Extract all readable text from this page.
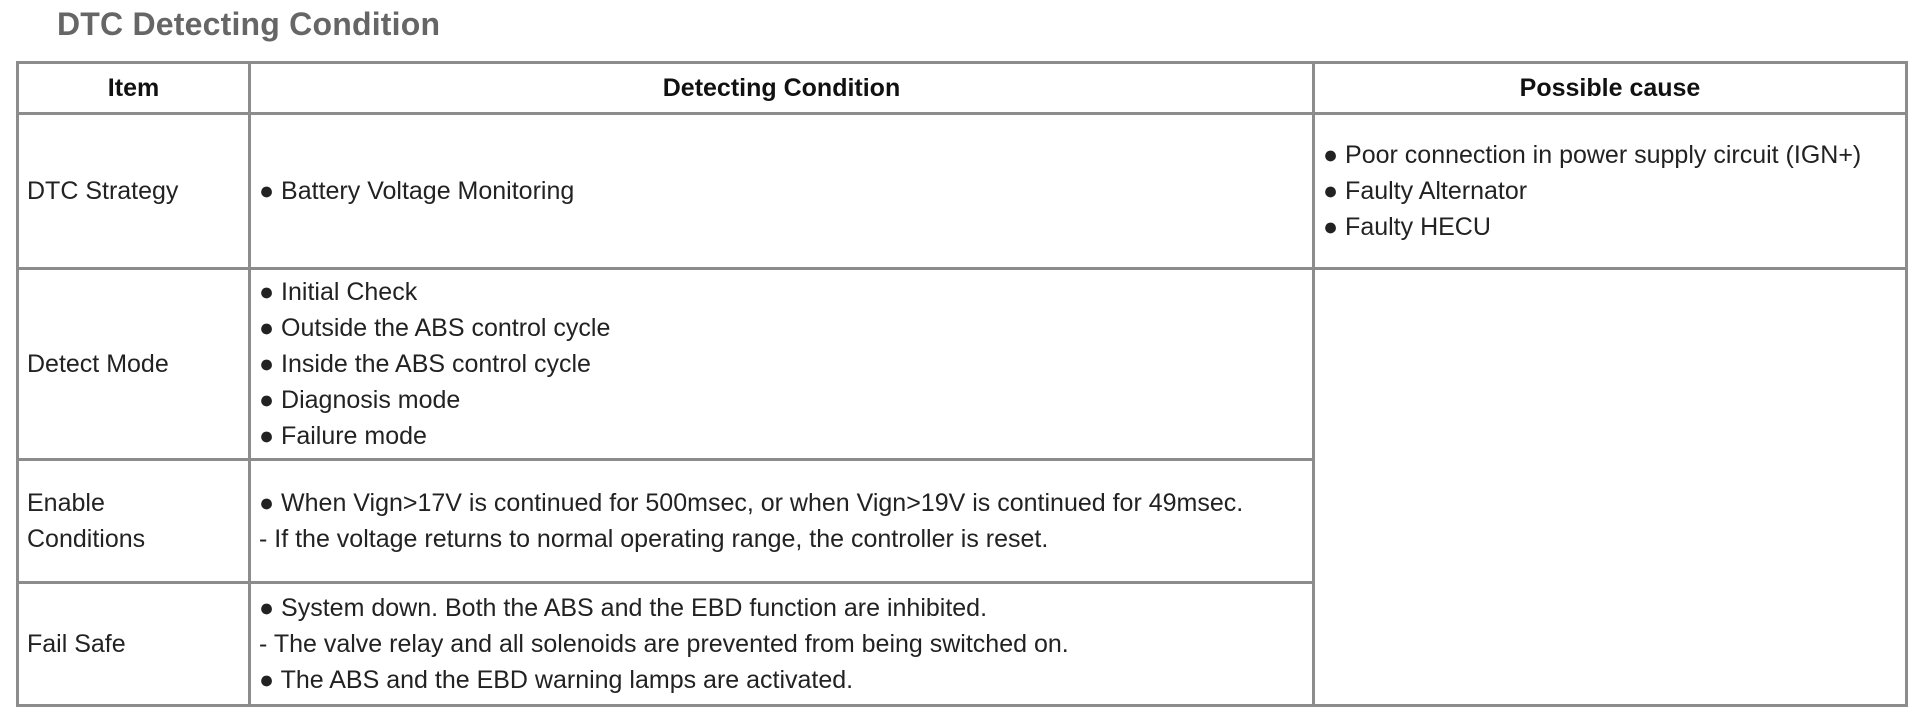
DTC Detecting Condition
Item	Detecting Condition	Possible cause
DTC Strategy	● Battery Voltage Monitoring	● Poor connection in power supply circuit (IGN+)
● Faulty Alternator
● Faulty HECU

Detect Mode	● Initial Check
● Outside the ABS control cycle
● Inside the ABS control cycle
● Diagnosis mode
● Failure mode	

Enable Conditions	● When Vign>17V is continued for 500msec, or when Vign>19V is continued for 49msec.
- If the voltage returns to normal operating range, the controller is reset.	

Fail Safe	● System down. Both the ABS and the EBD function are inhibited.
- The valve relay and all solenoids are prevented from being switched on.
● The ABS and the EBD warning lamps are activated.	
